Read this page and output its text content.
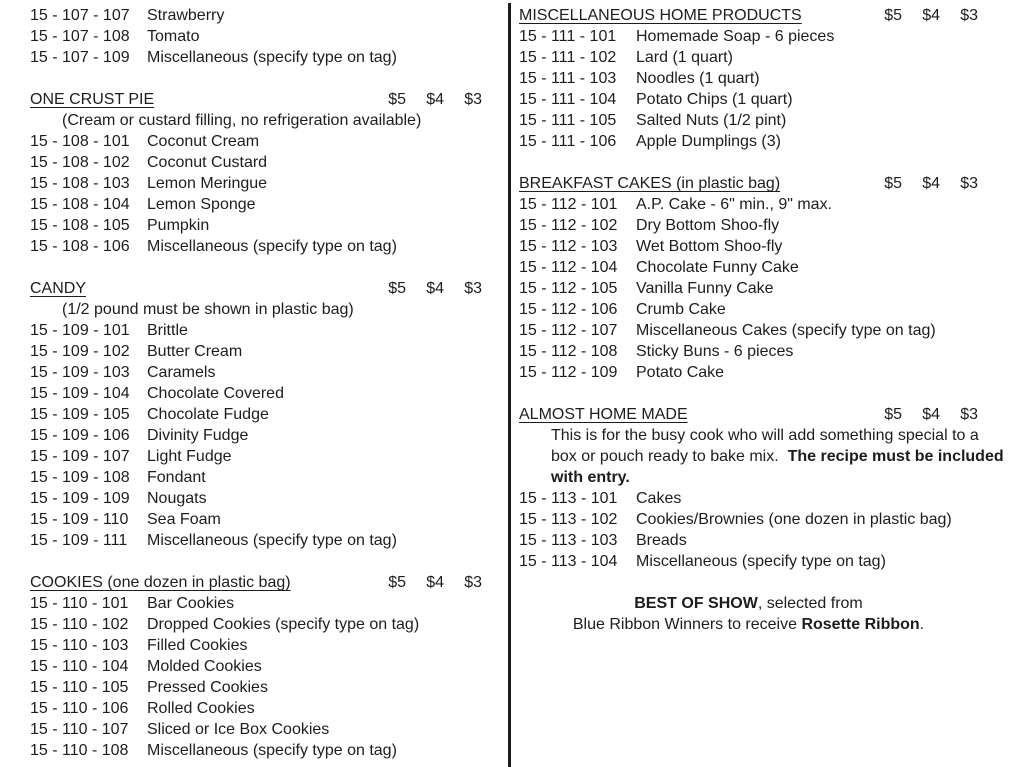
15 - 107 - 107	Strawberry
15 - 107 - 108	Tomato
15 - 107 - 109	Miscellaneous (specify type on tag)
ONE CRUST PIE	$5	$4	$3
(Cream or custard filling, no refrigeration available)
15 - 108 - 101	Coconut Cream
15 - 108 - 102	Coconut Custard
15 - 108 - 103	Lemon Meringue
15 - 108 - 104	Lemon Sponge
15 - 108 - 105	Pumpkin
15 - 108 - 106	Miscellaneous (specify type on tag)
CANDY	$5	$4	$3
(1/2 pound must be shown in plastic bag)
15 - 109 - 101	Brittle
15 - 109 - 102	Butter Cream
15 - 109 - 103	Caramels
15 - 109 - 104	Chocolate Covered
15 - 109 - 105	Chocolate Fudge
15 - 109 - 106	Divinity Fudge
15 - 109 - 107	Light Fudge
15 - 109 - 108	Fondant
15 - 109 - 109	Nougats
15 - 109 - 110	Sea Foam
15 - 109 - 111	Miscellaneous (specify type on tag)
COOKIES (one dozen in plastic bag)	$5	$4	$3
15 - 110 - 101	Bar Cookies
15 - 110 - 102	Dropped Cookies (specify type on tag)
15 - 110 - 103	Filled Cookies
15 - 110 - 104	Molded Cookies
15 - 110 - 105	Pressed Cookies
15 - 110 - 106	Rolled Cookies
15 - 110 - 107	Sliced or Ice Box Cookies
15 - 110 - 108	Miscellaneous (specify type on tag)
MISCELLANEOUS HOME PRODUCTS	$5	$4	$3
15 - 111 - 101	Homemade Soap - 6 pieces
15 - 111 - 102	Lard (1 quart)
15 - 111 - 103	Noodles (1 quart)
15 - 111 - 104	Potato Chips (1 quart)
15 - 111 - 105	Salted Nuts (1/2 pint)
15 - 111 - 106	Apple Dumplings (3)
BREAKFAST CAKES (in plastic bag)	$5	$4	$3
15 - 112 - 101	A.P. Cake - 6" min., 9" max.
15 - 112 - 102	Dry Bottom Shoo-fly
15 - 112 - 103	Wet Bottom Shoo-fly
15 - 112 - 104	Chocolate Funny Cake
15 - 112 - 105	Vanilla Funny Cake
15 - 112 - 106	Crumb Cake
15 - 112 - 107	Miscellaneous Cakes (specify type on tag)
15 - 112 - 108	Sticky Buns - 6 pieces
15 - 112 - 109	Potato Cake
ALMOST HOME MADE	$5	$4	$3
This is for the busy cook who will add something special to a
box or pouch ready to bake mix.  The recipe must be included
with entry.
15 - 113 - 101	Cakes
15 - 113 - 102	Cookies/Brownies (one dozen in plastic bag)
15 - 113 - 103	Breads
15 - 113 - 104	Miscellaneous (specify type on tag)
BEST OF SHOW, selected from
Blue Ribbon Winners to receive Rosette Ribbon.
